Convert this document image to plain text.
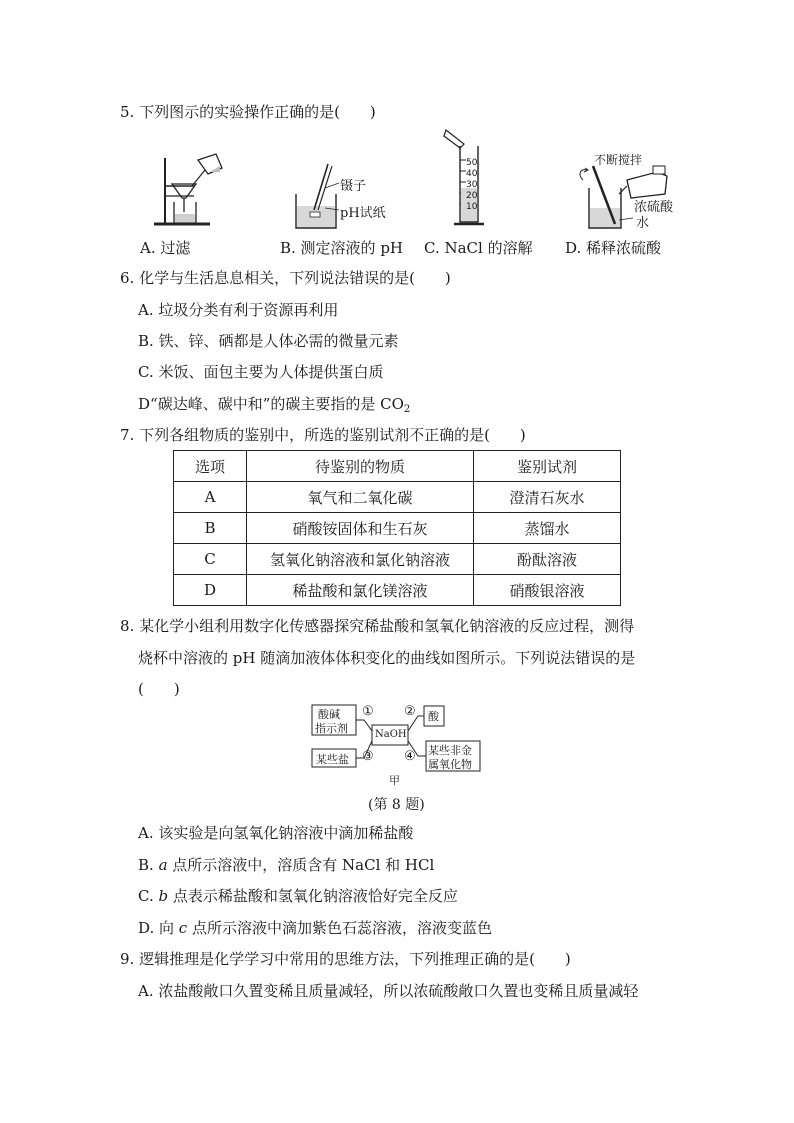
5. 下列图示的实验操作正确的是(　　)
镊子
pH试纸
50
40
30
20
10
不断搅拌
浓硫酸
水
A. 过滤	B. 测定溶液的 pH C. NaCl 的溶解 D. 稀释浓硫酸
6. 化学与生活息息相关，下列说法错误的是(　　)
A. 垃圾分类有利于资源再利用
B. 铁、锌、硒都是人体必需的微量元素
C. 米饭、面包主要为人体提供蛋白质
D“碳达峰、碳中和”的碳主要指的是 $CO_2$
7. 下列各组物质的鉴别中，所选的鉴别试剂不正确的是(　　)
选项	待鉴别的物质	鉴别试剂
A	氧气和二氧化碳	澄清石灰水
B	硝酸铵固体和生石灰	蒸馏水
C	氢氧化钠溶液和氯化钠溶液	酚酞溶液
D	稀盐酸和氯化镁溶液	硝酸银溶液
8. 某化学小组利用数字化传感器探究稀盐酸和氢氧化钠溶液的反应过程，测得
烧杯中溶液的 pH 随滴加液体体积变化的曲线如图所示。下列说法错误的是
(　　)
酸碱
指示剂
酸
NaOH
某些盐
某些非金
属氧化物
① ②
③ ④
甲
(第 8 题)
A. 该实验是向氢氧化钠溶液中滴加稀盐酸
B. a 点所示溶液中，溶质含有 NaCl 和 HCl
C. b 点表示稀盐酸和氢氧化钠溶液恰好完全反应
D. 向 c 点所示溶液中滴加紫色石蕊溶液，溶液变蓝色
9. 逻辑推理是化学学习中常用的思维方法，下列推理正确的是(　　)
A. 浓盐酸敞口久置变稀且质量减轻，所以浓硫酸敞口久置也变稀且质量减轻
